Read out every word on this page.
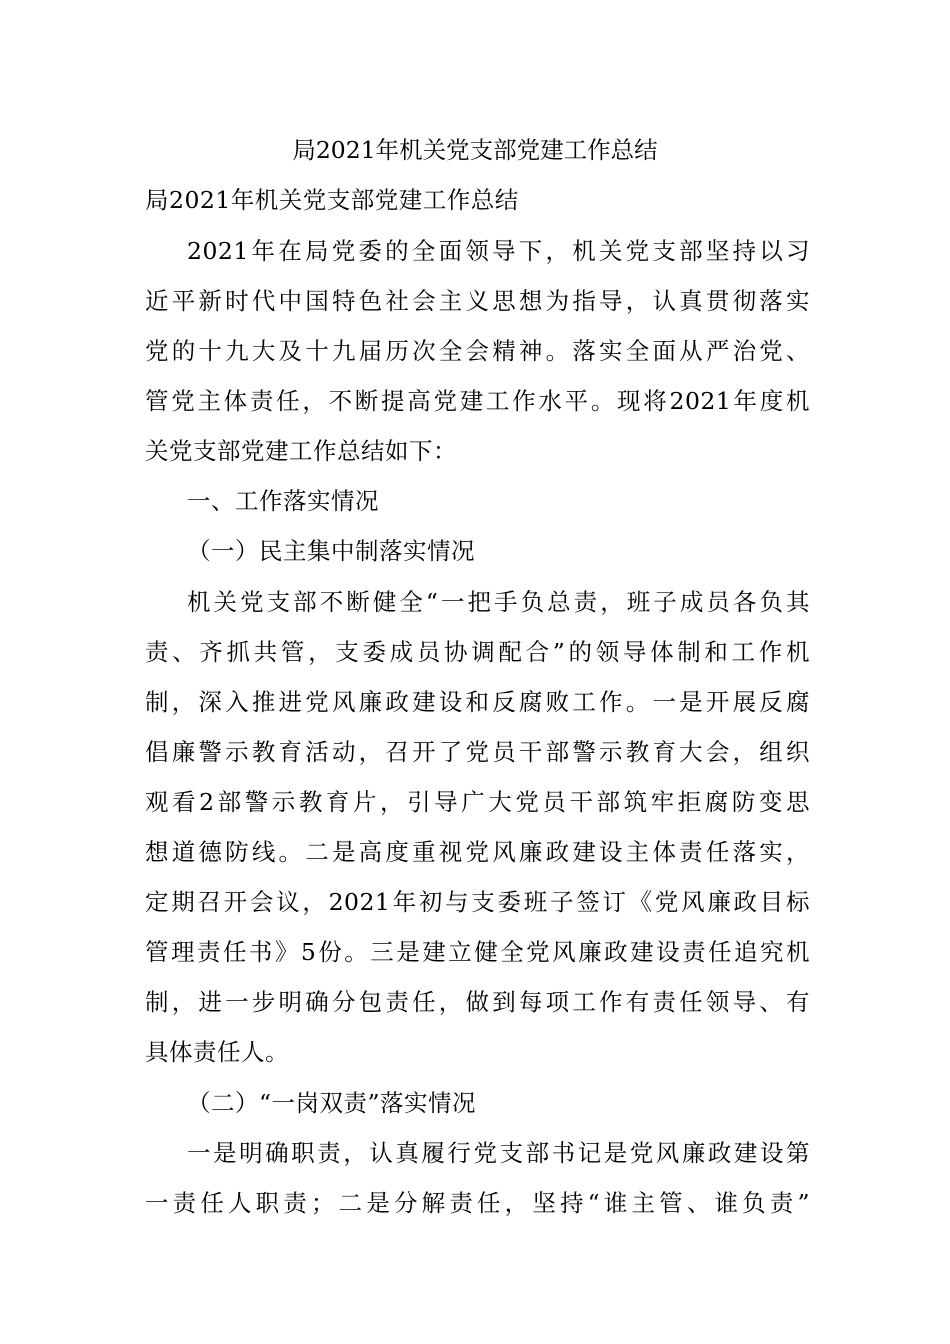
局2021年机关党支部党建工作总结
局2021年机关党支部党建工作总结
2021年在局党委的全面领导下，机关党支部坚持以习
近平新时代中国特色社会主义思想为指导，认真贯彻落实
党的十九大及十九届历次全会精神。落实全面从严治党、
管党主体责任，不断提高党建工作水平。现将2021年度机
关党支部党建工作总结如下：
一、工作落实情况
（一）民主集中制落实情况
机关党支部不断健全“一把手负总责，班子成员各负其
责、齐抓共管，支委成员协调配合”的领导体制和工作机
制，深入推进党风廉政建设和反腐败工作。一是开展反腐
倡廉警示教育活动，召开了党员干部警示教育大会，组织
观看2部警示教育片，引导广大党员干部筑牢拒腐防变思
想道德防线。二是高度重视党风廉政建设主体责任落实，
定期召开会议，2021年初与支委班子签订《党风廉政目标
管理责任书》5份。三是建立健全党风廉政建设责任追究机
制，进一步明确分包责任，做到每项工作有责任领导、有
具体责任人。
（二）“一岗双责”落实情况
一是明确职责，认真履行党支部书记是党风廉政建设第
一责任人职责；二是分解责任，坚持“谁主管、谁负责”
